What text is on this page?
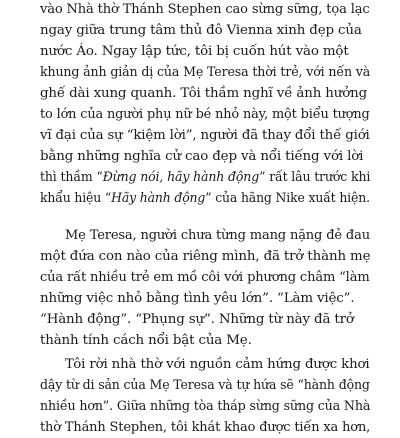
vào Nhà thờ Thánh Stephen cao sừng sững, tọa lạc
ngay giữa trung tâm thủ đô Vienna xinh đẹp của
nước Áo. Ngay lập tức, tôi bị cuốn hút vào một
khung ảnh giản dị của Mẹ Teresa thời trẻ, với nến và
ghế dài xung quanh. Tôi thầm nghĩ về ảnh hưởng
to lớn của người phụ nữ bé nhỏ này, một biểu tượng
vĩ đại của sự “kiệm lời”, người đã thay đổi thế giới
bằng những nghĩa cử cao đẹp và nổi tiếng với lời
thì thầm “Đừng nói, hãy hành động” rất lâu trước khi
khẩu hiệu “Hãy hành động” của hãng Nike xuất hiện.
Mẹ Teresa, người chưa từng mang nặng đẻ đau
một đứa con nào của riêng mình, đã trở thành mẹ
của rất nhiều trẻ em mồ côi với phương châm “làm
những việc nhỏ bằng tình yêu lớn”. “Làm việc”.
“Hành động”. “Phụng sự”. Những từ này đã trở
thành tính cách nổi bật của Mẹ.
Tôi rời nhà thờ với nguồn cảm hứng được khơi
dậy từ di sản của Mẹ Teresa và tự hứa sẽ “hành động
nhiều hơn”. Giữa những tòa tháp sừng sững của Nhà
thờ Thánh Stephen, tôi khát khao được tiến xa hơn,
